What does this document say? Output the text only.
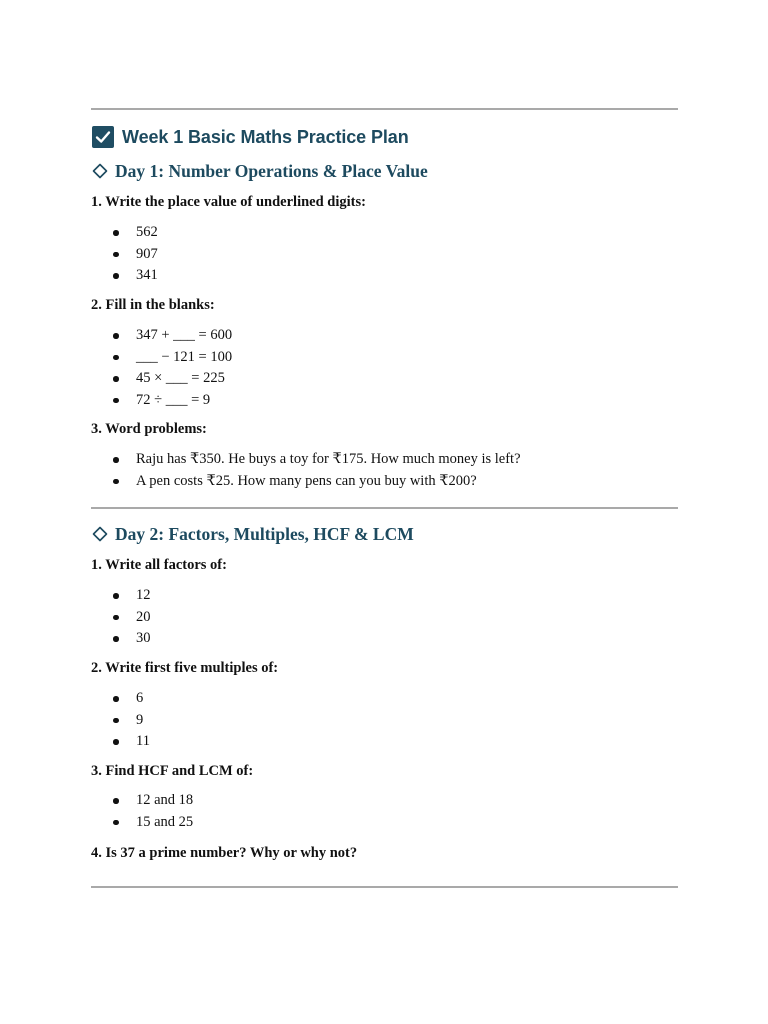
Week 1 Basic Maths Practice Plan
Day 1: Number Operations & Place Value
1. Write the place value of underlined digits:
562
907
341
2. Fill in the blanks:
347 + ___ = 600
___ − 121 = 100
45 × ___ = 225
72 ÷ ___ = 9
3. Word problems:
Raju has ₹350. He buys a toy for ₹175. How much money is left?
A pen costs ₹25. How many pens can you buy with ₹200?
Day 2: Factors, Multiples, HCF & LCM
1. Write all factors of:
12
20
30
2. Write first five multiples of:
6
9
11
3. Find HCF and LCM of:
12 and 18
15 and 25
4. Is 37 a prime number? Why or why not?
